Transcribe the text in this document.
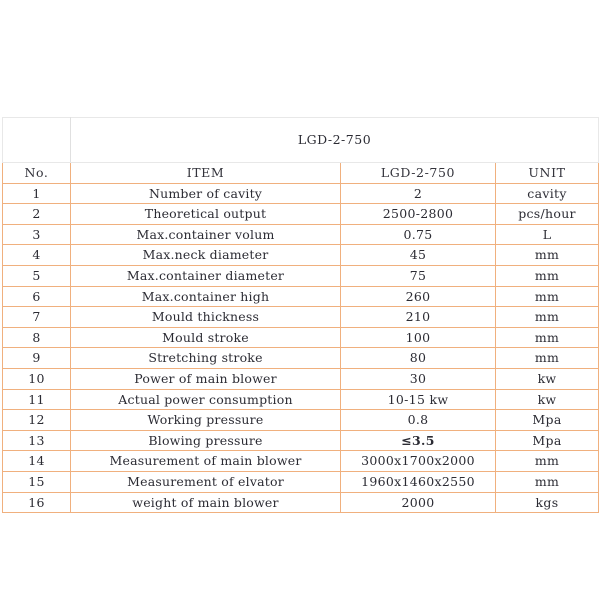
	LGD-2-750		
No.	ITEM	LGD-2-750	UNIT
1	Number of cavity	2	cavity
2	Theoretical output	2500-2800	pcs/hour
3	Max.container volum	0.75	L
4	Max.neck diameter	45	mm
5	Max.container diameter	75	mm
6	Max.container high	260	mm
7	Mould thickness	210	mm
8	Mould stroke	100	mm
9	Stretching stroke	80	mm
10	Power of main blower	30	kw
11	Actual power consumption	10-15 kw	kw
12	Working pressure	0.8	Mpa
13	Blowing pressure	≤3.5	Mpa
14	Measurement of main blower	3000x1700x2000	mm
15	Measurement of elvator	1960x1460x2550	mm
16	weight of main blower	2000	kgs
